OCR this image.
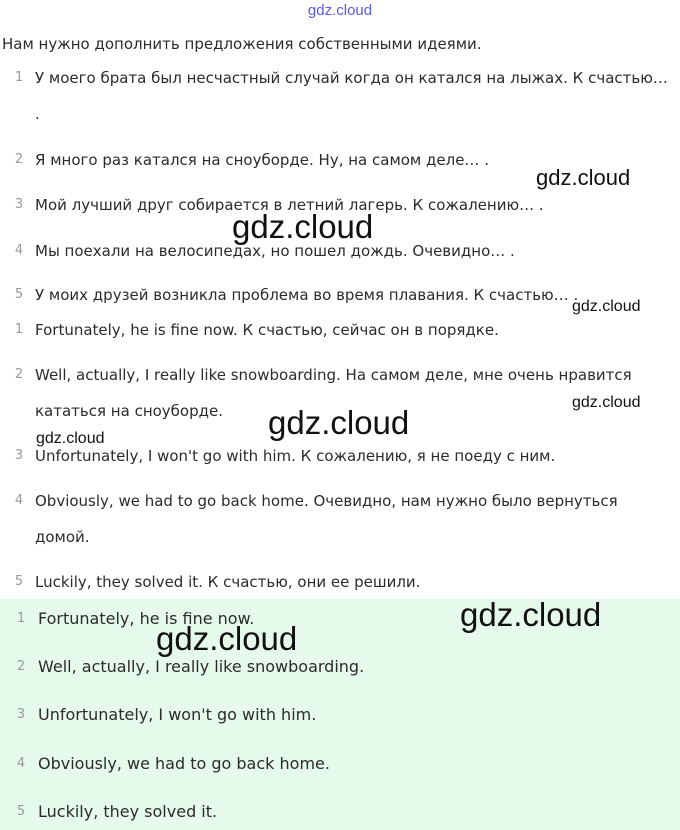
gdz.cloud
Нам нужно дополнить предложения собственными идеями.
1 У моего брата был несчастный случай когда он катался на лыжах. К счастью… .
2 Я много раз катался на сноуборде. Ну, на самом деле… .
3 Мой лучший друг собирается в летний лагерь. К сожалению… .
4 Мы поехали на велосипедах, но пошел дождь. Очевидно… .
5 У моих друзей возникла проблема во время плавания. К счастью… .
1 Fortunately, he is fine now. К счастью, сейчас он в порядке.
2 Well, actually, I really like snowboarding. На самом деле, мне очень нравится кататься на сноуборде.
3 Unfortunately, I won't go with him. К сожалению, я не поеду с ним.
4 Obviously, we had to go back home. Очевидно, нам нужно было вернуться домой.
5 Luckily, they solved it. К счастью, они ее решили.
1 Fortunately, he is fine now.
2 Well, actually, I really like snowboarding.
3 Unfortunately, I won't go with him.
4 Obviously, we had to go back home.
5 Luckily, they solved it.
gdz.cloud
gdz.cloud
gdz.cloud
gdz.cloud
gdz.cloud
gdz.cloud
gdz.cloud
gdz.cloud
